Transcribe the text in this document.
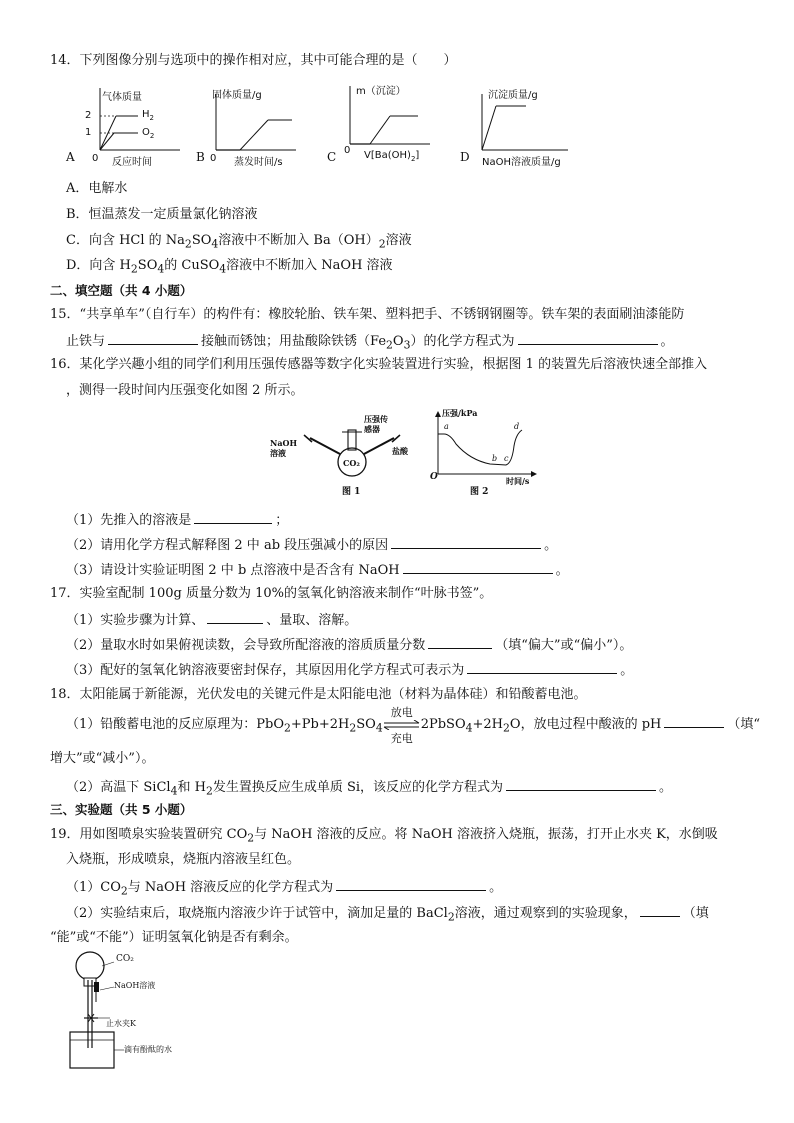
14．下列图像分别与选项中的操作相对应，其中可能合理的是（　　）
气体质量
2
1
$H_2$
$O_2$
A 0 反应时间
固体质量/g
B 0 蒸发时间/s
m（沉淀）
C 0 $V[Ba(OH)_2]$
沉淀质量/g
D NaOH溶液质量/g
A．电解水
B．恒温蒸发一定质量氯化钠溶液
C．向含 HCl 的 $Na_2SO_4$溶液中不断加入 $Ba(OH)_2$溶液
D．向含 $H_2SO_4$的 CuSO$_4$溶液中不断加入 NaOH 溶液
二、填空题（共 4 小题）
15．“共享单车”（自行车）的构件有：橡胶轮胎、铁车架、塑料把手、不锈钢钢圈等。铁车架的表面刷油漆能防
止铁与	接触而锈蚀；用盐酸除铁锈$(Fe_2O_3)$的化学方程式为	。
16．某化学兴趣小组的同学们利用压强传感器等数字化实验装置进行实验，根据图 1 的装置先后溶液快速全部推入
，测得一段时间内压强变化如图 2 所示。
NaOH
溶液
压强传
感器
盐酸
CO₂
图 1
压强/kPa
a
b c
d
O	时间/s
图 2
（1）先推入的溶液是	；
（2）请用化学方程式解释图 2 中 ab 段压强减小的原因	。
（3）请设计实验证明图 2 中 b 点溶液中是否含有 NaOH	。
17．实验室配制 100g 质量分数为 10%的氢氧化钠溶液来制作“叶脉书签”。
（1）实验步骤为计算、	、量取、溶解。
（2）量取水时如果俯视读数，会导致所配溶液的溶质质量分数	（填“偏大”或“偏小”）。
（3）配好的氢氧化钠溶液要密封保存，其原因用化学方程式可表示为	。
18．太阳能属于新能源，光伏发电的关键元件是太阳能电池（材料为晶体硅）和铅酸蓄电池。
（1）铅酸蓄电池的反应原理为：$PbO_2+Pb+2H_2SO_4$
放电
充电
$2PbSO_4+2H_2O$，放电过程中酸液的 pH	（填“
增大”或“减小”）。
（2）高温下 SiCl$_4$和 $H_2$发生置换反应生成单质 Si，该反应的化学方程式为	。
三、实验题（共 5 小题）
19．用如图喷泉实验装置研究 $CO_2$与 NaOH 溶液的反应。将 NaOH 溶液挤入烧瓶，振荡，打开止水夹 K，水倒吸
入烧瓶，形成喷泉，烧瓶内溶液呈红色。
$(1)CO_2$与 NaOH 溶液反应的化学方程式为	。
（2）实验结束后，取烧瓶内溶液少许于试管中，滴加足量的 BaCl$_2$溶液，通过观察到的实验现象，	（填
“能”或“不能”）证明氢氧化钠是否有剩余。
CO₂
NaOH溶液
止水夹K
滴有酚酞的水
